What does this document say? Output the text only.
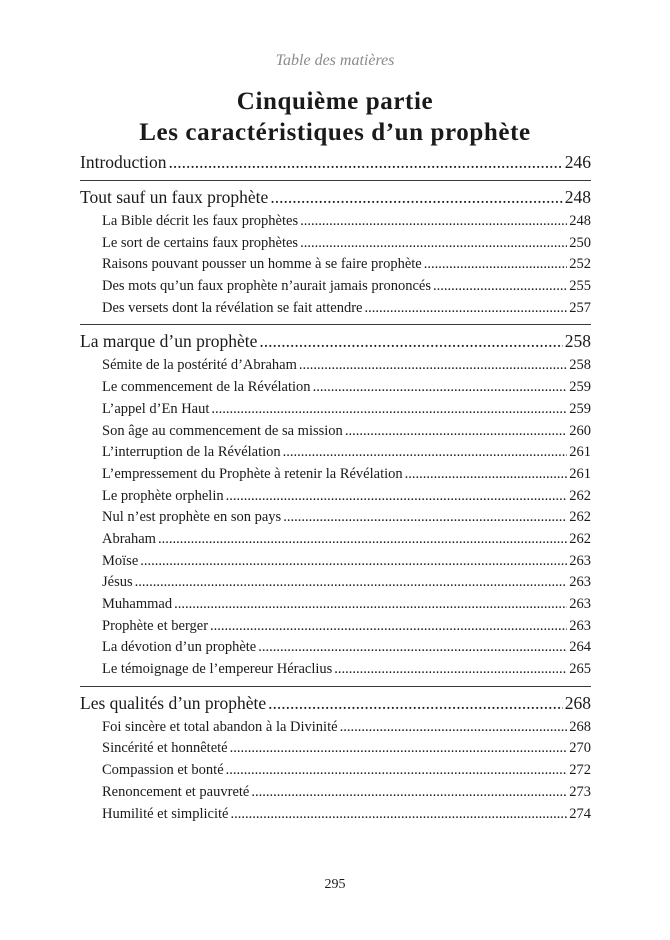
Table des matières
Cinquième partie
Les caractéristiques d’un prophète
Introduction .....	246
Tout sauf un faux prophète .....	248
La Bible décrit les faux prophètes .....	248
Le sort de certains faux prophètes .....	250
Raisons pouvant pousser un homme à se faire prophète .....	252
Des mots qu’un faux prophète n’aurait jamais prononcés .....	255
Des versets dont la révélation se fait attendre .....	257
La marque d’un prophète .....	258
Sémite de la postérité d’Abraham .....	258
Le commencement de la Révélation .....	259
L’appel d’En Haut .....	259
Son âge au commencement de sa mission .....	260
L’interruption de la Révélation .....	261
L’empressement du Prophète à retenir la Révélation .....	261
Le prophète orphelin .....	262
Nul n’est prophète en son pays .....	262
Abraham .....	262
Moïse .....	263
Jésus .....	263
Muhammad .....	263
Prophète et berger .....	263
La dévotion d’un prophète .....	264
Le témoignage de l’empereur Héraclius .....	265
Les qualités d’un prophète .....	268
Foi sincère et total abandon à la Divinité .....	268
Sincérité et honnêteté .....	270
Compassion et bonté .....	272
Renoncement et pauvreté .....	273
Humilité et simplicité .....	274
295
